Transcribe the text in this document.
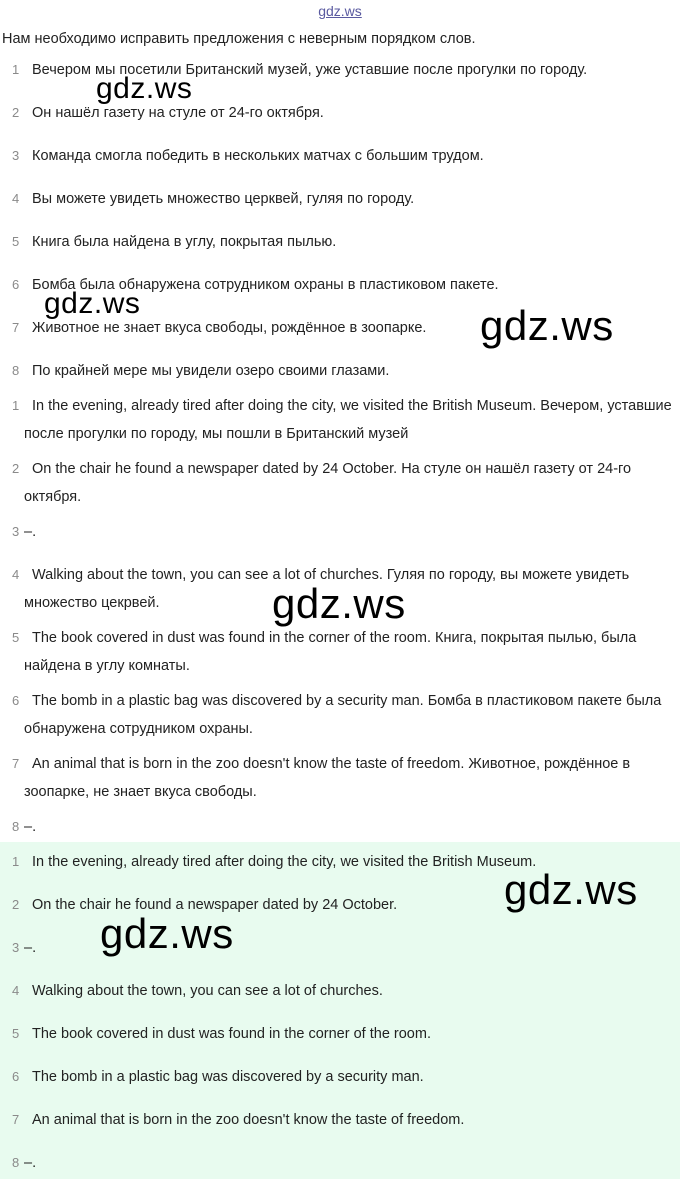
gdz.ws
Нам необходимо исправить предложения с неверным порядком слов.
1 Вечером мы посетили Британский музей, уже уставшие после прогулки по городу.
2 Он нашёл газету на стуле от 24-го октября.
3 Команда смогла победить в нескольких матчах с большим трудом.
4 Вы можете увидеть множество церквей, гуляя по городу.
5 Книга была найдена в углу, покрытая пылью.
6 Бомба была обнаружена сотрудником охраны в пластиковом пакете.
7 Животное не знает вкуса свободы, рождённое в зоопарке.
8 По крайней мере мы увидели озеро своими глазами.
1 In the evening, already tired after doing the city, we visited the British Museum. Вечером, уставшие после прогулки по городу, мы пошли в Британский музей
2 On the chair he found a newspaper dated by 24 October. На стуле он нашёл газету от 24-го октября.
3 –.
4 Walking about the town, you can see a lot of churches. Гуляя по городу, вы можете увидеть множество цекрвей.
5 The book covered in dust was found in the corner of the room. Книга, покрытая пылью, была найдена в углу комнаты.
6 The bomb in a plastic bag was discovered by a security man. Бомба в пластиковом пакете была обнаружена сотрудником охраны.
7 An animal that is born in the zoo doesn't know the taste of freedom. Животное, рождённое в зоопарке, не знает вкуса свободы.
8 –.
1 In the evening, already tired after doing the city, we visited the British Museum.
2 On the chair he found a newspaper dated by 24 October.
3 –.
4 Walking about the town, you can see a lot of churches.
5 The book covered in dust was found in the corner of the room.
6 The bomb in a plastic bag was discovered by a security man.
7 An animal that is born in the zoo doesn't know the taste of freedom.
8 –.
gdz.ws
gdz.ws	gdz.ws
gdz.ws
gdz.ws
gdz.ws
